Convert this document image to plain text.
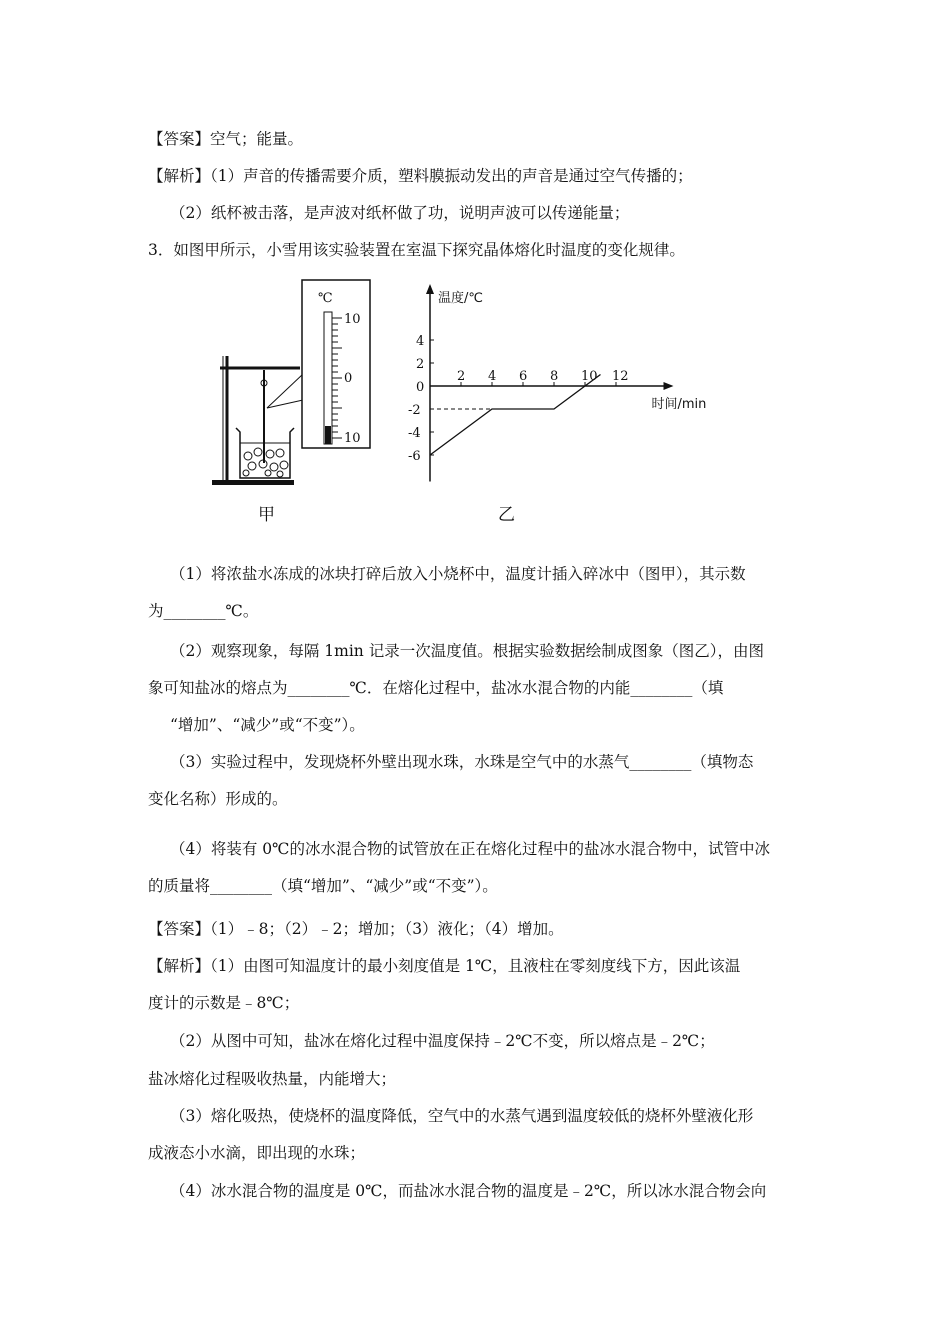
【答案】空气；能量。
【解析】（1）声音的传播需要介质，塑料膜振动发出的声音是通过空气传播的；
（2）纸杯被击落，是声波对纸杯做了功，说明声波可以传递能量；
3．如图甲所示，小雪用该实验装置在室温下探究晶体熔化时温度的变化规律。
（1）将浓盐水冻成的冰块打碎后放入小烧杯中，温度计插入碎冰中（图甲），其示数
为________℃。
（2）观察现象，每隔 1min 记录一次温度值。根据实验数据绘制成图象（图乙），由图
象可知盐冰的熔点为________℃．在熔化过程中，盐冰水混合物的内能________（填
“增加”、“减少”或“不变”）。
（3）实验过程中，发现烧杯外壁出现水珠，水珠是空气中的水蒸气________（填物态
变化名称）形成的。
（4）将装有 0℃的冰水混合物的试管放在正在熔化过程中的盐冰水混合物中，试管中冰
的质量将________（填“增加”、“减少”或“不变”）。
【答案】（1）﹣8；（2）﹣2；增加；（3）液化；（4）增加。
【解析】（1）由图可知温度计的最小刻度值是 1℃，且液柱在零刻度线下方，因此该温
度计的示数是﹣8℃；
（2）从图中可知，盐冰在熔化过程中温度保持﹣2℃不变，所以熔点是﹣2℃；
盐冰熔化过程吸收热量，内能增大；
（3）熔化吸热，使烧杯的温度降低，空气中的水蒸气遇到温度较低的烧杯外壁液化形
成液态小水滴，即出现的水珠；
（4）冰水混合物的温度是 0℃，而盐冰水混合物的温度是﹣2℃，所以冰水混合物会向
℃
10
0
10
甲
温度/℃
时间/min
2 4 6 8 10 12
0
4
2
-2
-4
-6
乙
